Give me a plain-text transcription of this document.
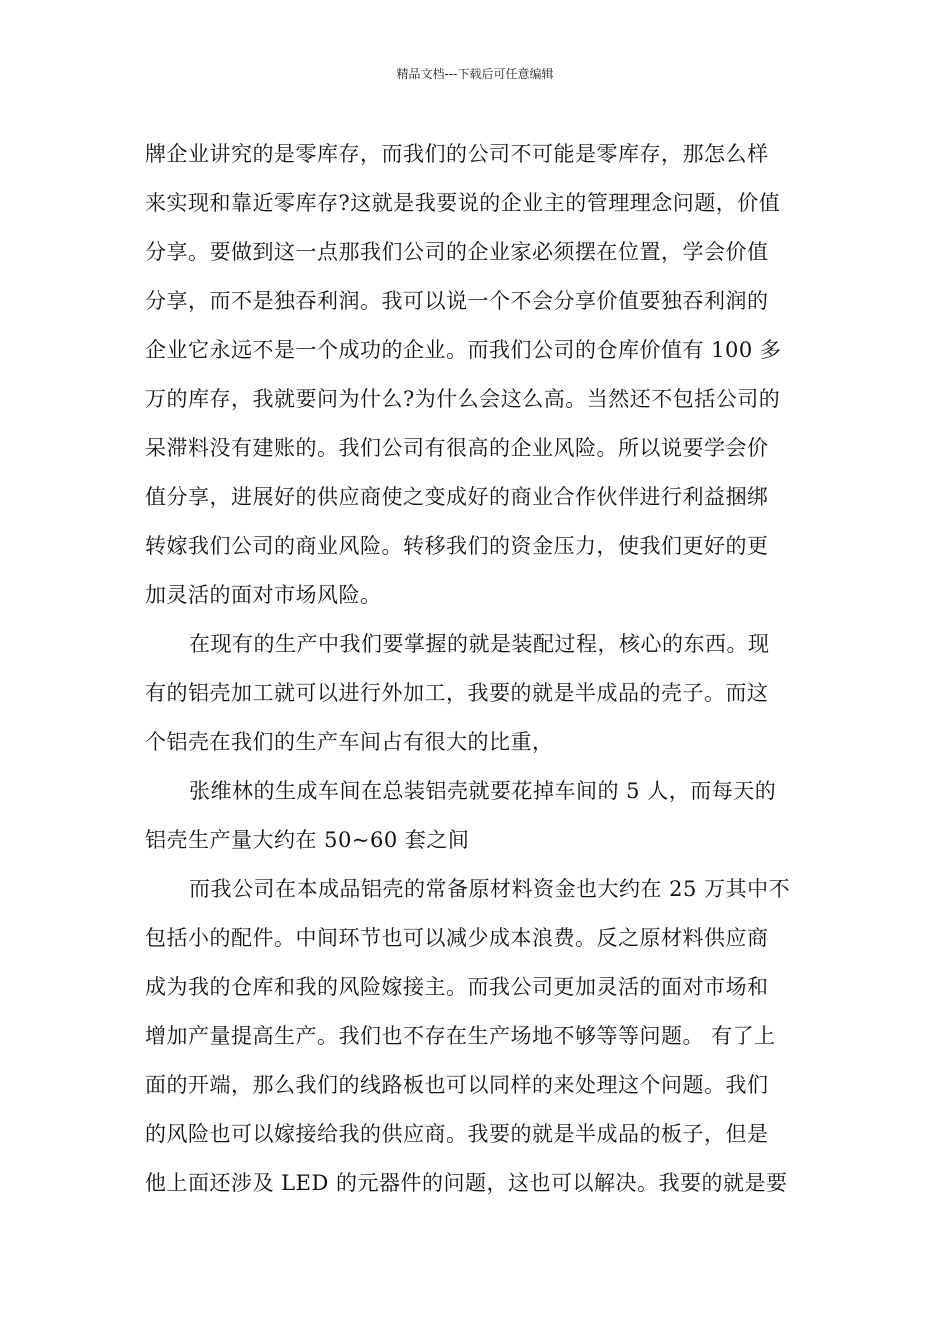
精品文档---下载后可任意编辑
牌企业讲究的是零库存，而我们的公司不可能是零库存，那怎么样
来实现和靠近零库存?这就是我要说的企业主的管理理念问题，价值
分享。要做到这一点那我们公司的企业家必须摆在位置，学会价值
分享，而不是独吞利润。我可以说一个不会分享价值要独吞利润的
企业它永远不是一个成功的企业。而我们公司的仓库价值有 100 多
万的库存，我就要问为什么?为什么会这么高。当然还不包括公司的
呆滞料没有建账的。我们公司有很高的企业风险。所以说要学会价
值分享，进展好的供应商使之变成好的商业合作伙伴进行利益捆绑
转嫁我们公司的商业风险。转移我们的资金压力，使我们更好的更
加灵活的面对市场风险。
在现有的生产中我们要掌握的就是装配过程，核心的东西。现
有的铝壳加工就可以进行外加工，我要的就是半成品的壳子。而这
个铝壳在我们的生产车间占有很大的比重，
张维林的生成车间在总装铝壳就要花掉车间的 5 人，而每天的
铝壳生产量大约在 50~60 套之间
而我公司在本成品铝壳的常备原材料资金也大约在 25 万其中不
包括小的配件。中间环节也可以减少成本浪费。反之原材料供应商
成为我的仓库和我的风险嫁接主。而我公司更加灵活的面对市场和
增加产量提高生产。我们也不存在生产场地不够等等问题。 有了上
面的开端，那么我们的线路板也可以同样的来处理这个问题。我们
的风险也可以嫁接给我的供应商。我要的就是半成品的板子，但是
他上面还涉及 LED 的元器件的问题，这也可以解决。我要的就是要
